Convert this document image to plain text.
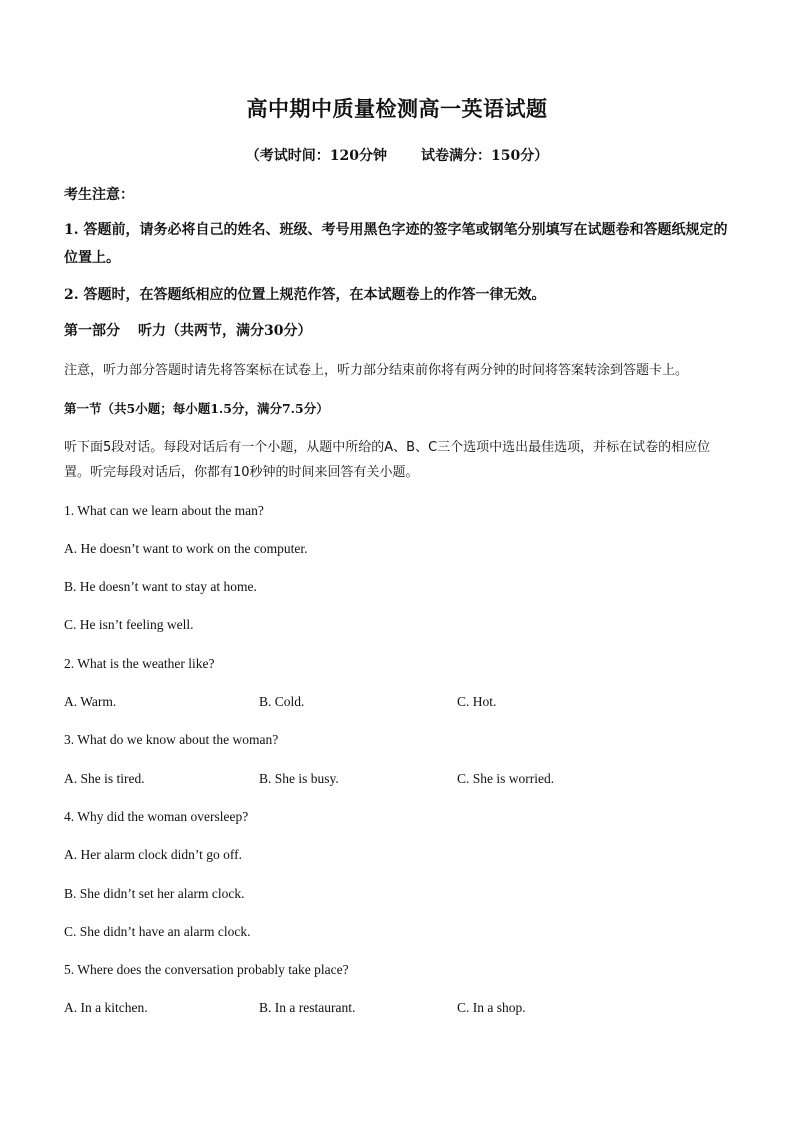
高中期中质量检测高一英语试题
（考试时间：120分钟 试卷满分：150分）
考生注意：
1. 答题前，请务必将自己的姓名、班级、考号用黑色字迹的签字笔或钢笔分别填写在试题卷和答题纸规定的位置上。
2. 答题时，在答题纸相应的位置上规范作答，在本试题卷上的作答一律无效。
第一部分 听力（共两节，满分30分）
注意，听力部分答题时请先将答案标在试卷上，听力部分结束前你将有两分钟的时间将答案转涂到答题卡上。
第一节（共5小题；每小题1.5分，满分7.5分）
听下面5段对话。每段对话后有一个小题，从题中所给的A、B、C三个选项中选出最佳选项，并标在试卷的相应位置。听完每段对话后，你都有10秒钟的时间来回答有关小题。
1. What can we learn about the man?
A. He doesn’t want to work on the computer.
B. He doesn’t want to stay at home.
C. He isn’t feeling well.
2. What is the weather like?
A. Warm.	B. Cold.	C. Hot.
3. What do we know about the woman?
A. She is tired.	B. She is busy.	C. She is worried.
4. Why did the woman oversleep?
A. Her alarm clock didn’t go off.
B. She didn’t set her alarm clock.
C. She didn’t have an alarm clock.
5. Where does the conversation probably take place?
A. In a kitchen.	B. In a restaurant.	C. In a shop.
